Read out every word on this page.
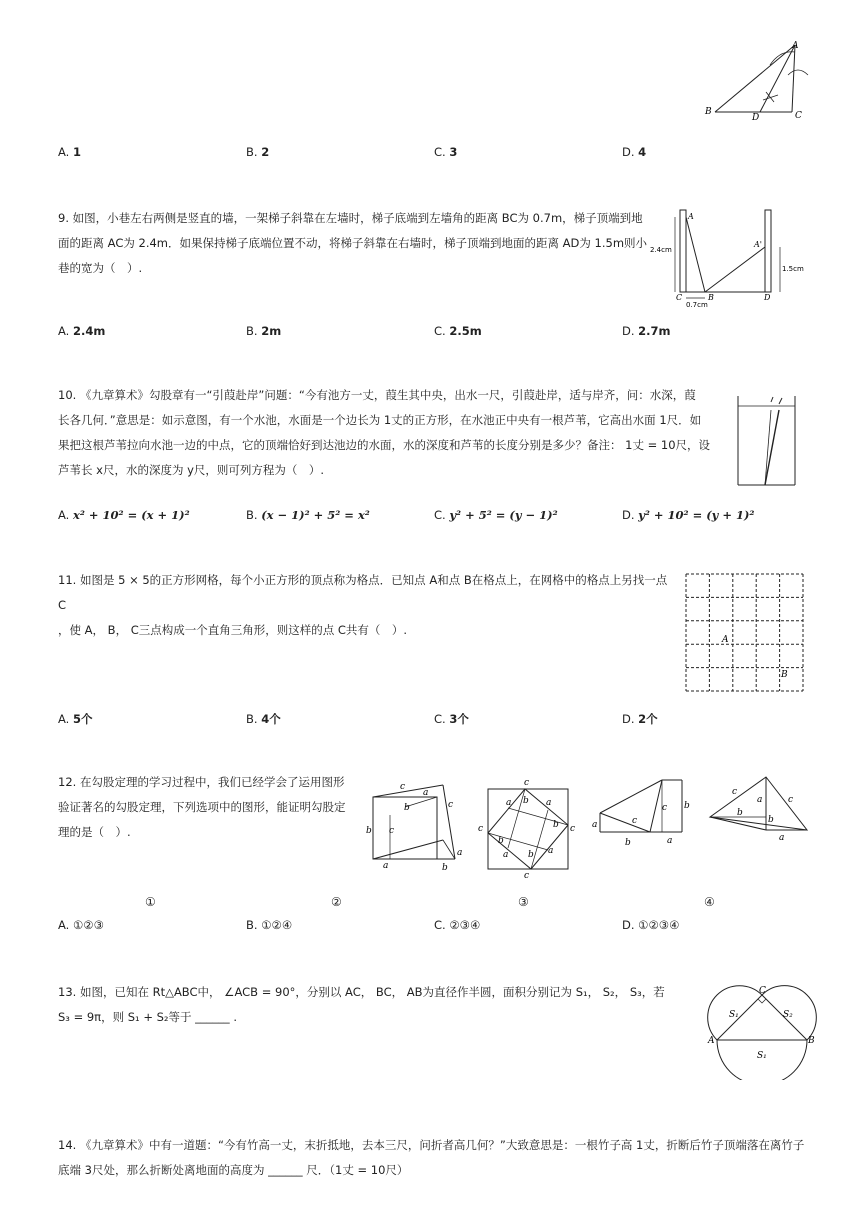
A
B	C
D
A. 1	B. 2	C. 3	D. 4
9. 如图，小巷左右两侧是竖直的墙，一架梯子斜靠在左墙时，梯子底端到左墙角的距离 BC为 0.7m，梯子顶端到地
面的距离 AC为 2.4m．如果保持梯子底端位置不动，将梯子斜靠在右墙时，梯子顶端到地面的距离 AD为 1.5m则小
巷的宽为（　）.
A
A'
B
C	D
2.4cm
1.5cm
0.7cm
A. 2.4m	B. 2m	C. 2.5m	D. 2.7m
10. 《九章算术》勾股章有一“引葭赴岸”问题：“今有池方一丈，葭生其中央，出水一尺，引葭赴岸，适与岸齐，问：水深，葭
长各几何．”意思是：如示意图，有一个水池，水面是一个边长为 1丈的正方形，在水池正中央有一根芦苇，它高出水面 1尺．如
果把这根芦苇拉向水池一边的中点，它的顶端恰好到达池边的水面，水的深度和芦苇的长度分别是多少？备注： 1丈 = 10尺，设
芦苇长 x尺，水的深度为 y尺，则可列方程为（　）.
A. x² + 10² = (x + 1)²	B. (x − 1)² + 5² = x²	C. y² + 5² = (y − 1)²	D. y² + 10² = (y + 1)²
11. 如图是 5 × 5的正方形网格，每个小正方形的顶点称为格点．已知点 A和点 B在格点上，在网格中的格点上另找一点 C
，使 A， B， C三点构成一个直角三角形，则这样的点 C共有（　）.
A
B
A. 5个	B. 4个	C. 3个	D. 2个
12. 在勾股定理的学习过程中，我们已经学会了运用图形
验证著名的勾股定理，下列选项中的图形，能证明勾股定
理的是（　）.
c
a
b	c
b c
a
a	b
c
c	c
c
a b a
b
b
a b a
a	c
c b
b	a
c
a	c
b
b
a
①	②	③	④
A. ①②③	B. ①②④	C. ②③④	D. ①②③④
13. 如图，已知在 Rt△ABC中， ∠ACB = 90°，分别以 AC， BC， AB为直径作半圆，面积分别记为 S₁， S₂， S₃，若
S₃ = 9π，则 S₁ + S₂等于 ______ .
C
A	B
S₁	S₂
S₁
14. 《九章算术》中有一道题：“今有竹高一丈，末折抵地，去本三尺，问折者高几何？”大致意思是：一根竹子高 1丈，折断后竹子顶端落在离竹子
底端 3尺处，那么折断处离地面的高度为 ______ 尺．（1丈 = 10尺）
